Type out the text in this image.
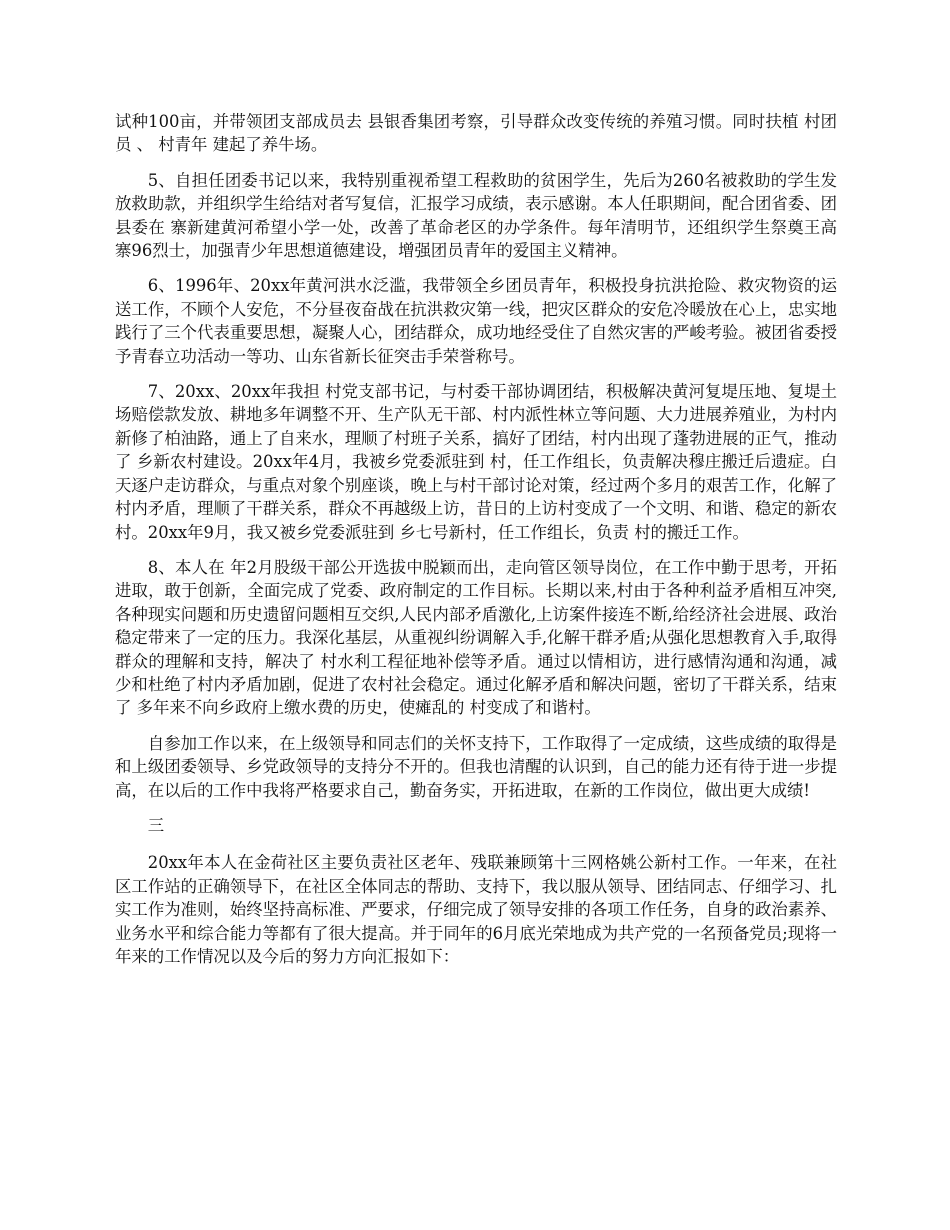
试种100亩，并带领团支部成员去 县银香集团考察，引导群众改变传统的养殖习惯。同时扶植 村团员 、 村青年 建起了养牛场。

5、自担任团委书记以来，我特别重视希望工程救助的贫困学生，先后为260名被救助的学生发放救助款，并组织学生给结对者写复信，汇报学习成绩，表示感谢。本人任职期间，配合团省委、团县委在 寨新建黄河希望小学一处，改善了革命老区的办学条件。每年清明节，还组织学生祭奠王高寨96烈士，加强青少年思想道德建设，增强团员青年的爱国主义精神。

6、1996年、20xx年黄河洪水泛滥，我带领全乡团员青年，积极投身抗洪抢险、救灾物资的运送工作，不顾个人安危，不分昼夜奋战在抗洪救灾第一线，把灾区群众的安危冷暖放在心上，忠实地践行了三个代表重要思想，凝聚人心，团结群众，成功地经受住了自然灾害的严峻考验。被团省委授予青春立功活动一等功、山东省新长征突击手荣誉称号。

7、20xx、20xx年我担 村党支部书记，与村委干部协调团结，积极解决黄河复堤压地、复堤土场赔偿款发放、耕地多年调整不开、生产队无干部、村内派性林立等问题、大力进展养殖业，为村内新修了柏油路，通上了自来水，理顺了村班子关系，搞好了团结，村内出现了蓬勃进展的正气，推动了 乡新农村建设。20xx年4月，我被乡党委派驻到 村，任工作组长，负责解决穆庄搬迁后遗症。白天逐户走访群众，与重点对象个别座谈，晚上与村干部讨论对策，经过两个多月的艰苦工作，化解了村内矛盾，理顺了干群关系，群众不再越级上访，昔日的上访村变成了一个文明、和谐、稳定的新农村。20xx年9月，我又被乡党委派驻到 乡七号新村，任工作组长，负责 村的搬迁工作。

8、本人在 年2月股级干部公开选拔中脱颖而出，走向管区领导岗位，在工作中勤于思考，开拓进取，敢于创新，全面完成了党委、政府制定的工作目标。长期以来,村由于各种利益矛盾相互冲突,各种现实问题和历史遗留问题相互交织,人民内部矛盾激化,上访案件接连不断,给经济社会进展、政治稳定带来了一定的压力。我深化基层，从重视纠纷调解入手,化解干群矛盾;从强化思想教育入手,取得群众的理解和支持，解决了 村水利工程征地补偿等矛盾。通过以情相访，进行感情沟通和沟通，减少和杜绝了村内矛盾加剧，促进了农村社会稳定。通过化解矛盾和解决问题，密切了干群关系，结束了 多年来不向乡政府上缴水费的历史，使瘫乱的 村变成了和谐村。

自参加工作以来，在上级领导和同志们的关怀支持下，工作取得了一定成绩，这些成绩的取得是和上级团委领导、乡党政领导的支持分不开的。但我也清醒的认识到，自己的能力还有待于进一步提高，在以后的工作中我将严格要求自己，勤奋务实，开拓进取，在新的工作岗位，做出更大成绩!

三

20xx年本人在金荷社区主要负责社区老年、残联兼顾第十三网格姚公新村工作。一年来，在社区工作站的正确领导下，在社区全体同志的帮助、支持下，我以服从领导、团结同志、仔细学习、扎实工作为准则，始终坚持高标准、严要求，仔细完成了领导安排的各项工作任务，自身的政治素养、业务水平和综合能力等都有了很大提高。并于同年的6月底光荣地成为共产党的一名预备党员;现将一年来的工作情况以及今后的努力方向汇报如下：
